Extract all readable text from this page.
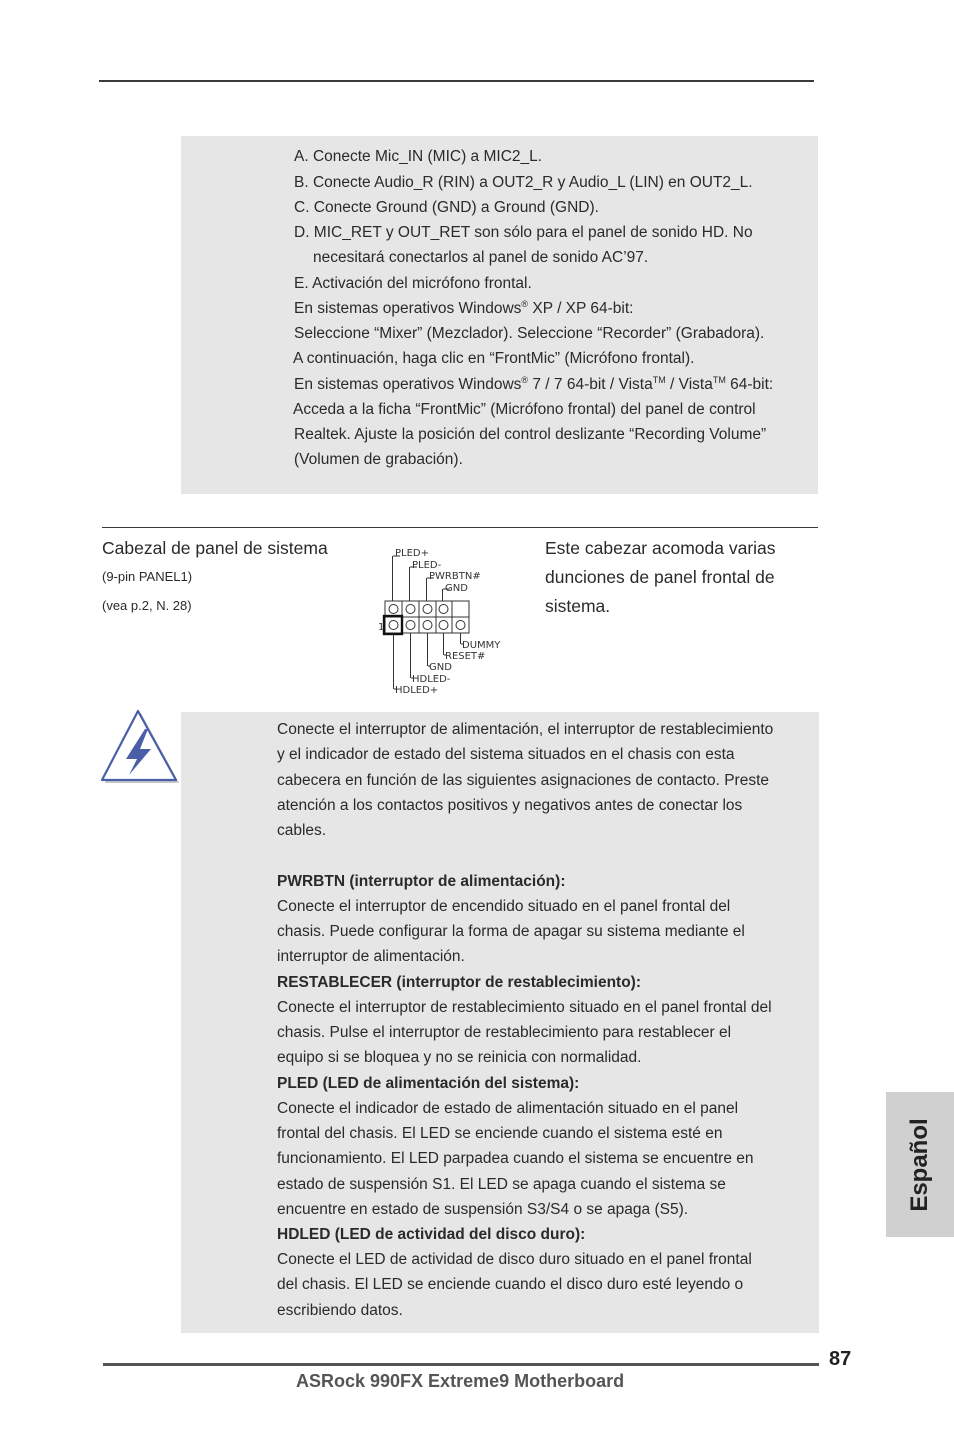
A. Conecte Mic_IN (MIC) a MIC2_L.
B. Conecte Audio_R (RIN) a OUT2_R y Audio_L (LIN) en OUT2_L.
C. Conecte Ground (GND) a Ground (GND).
D. MIC_RET y OUT_RET son sólo para el panel de sonido HD. No
necesitará conectarlos al panel de sonido AC’97.
E. Activación del micrófono frontal.
En sistemas operativos Windows® XP / XP 64-bit:
Seleccione “Mixer” (Mezclador). Seleccione “Recorder” (Grabadora).
A continuación, haga clic en “FrontMic” (Micrófono frontal).
En sistemas operativos Windows® 7 / 7 64-bit / Vista™ / Vista™ 64-bit:
Acceda a la ficha “FrontMic” (Micrófono frontal) del panel de control
Realtek. Ajuste la posición del control deslizante “Recording Volume”
(Volumen de grabación).
Cabezal de panel de sistema
(9-pin PANEL1)
(vea p.2, N. 28)
Este cabezar acomoda varias dunciones de panel frontal de sistema.
PLED+
PLED-
PWRBTN#
GND
1
DUMMY
RESET#
GND
HDLED-
HDLED+
Conecte el interruptor de alimentación, el interruptor de restablecimiento
y el indicador de estado del sistema situados en el chasis con esta
cabecera en función de las siguientes asignaciones de contacto. Preste
atención a los contactos positivos y negativos antes de conectar los
cables.
PWRBTN (interruptor de alimentación):
Conecte el interruptor de encendido situado en el panel frontal del
chasis. Puede configurar la forma de apagar su sistema mediante el
interruptor de alimentación.
RESTABLECER (interruptor de restablecimiento):
Conecte el interruptor de restablecimiento situado en el panel frontal del
chasis. Pulse el interruptor de restablecimiento para restablecer el
equipo si se bloquea y no se reinicia con normalidad.
PLED (LED de alimentación del sistema):
Conecte el indicador de estado de alimentación situado en el panel
frontal del chasis. El LED se enciende cuando el sistema esté en
funcionamiento. El LED parpadea cuando el sistema se encuentre en
estado de suspensión S1. El LED se apaga cuando el sistema se
encuentre en estado de suspensión S3/S4 o se apaga (S5).
HDLED (LED de actividad del disco duro):
Conecte el LED de actividad de disco duro situado en el panel frontal
del chasis. El LED se enciende cuando el disco duro esté leyendo o
escribiendo datos.
Español
87
ASRock 990FX Extreme9 Motherboard
